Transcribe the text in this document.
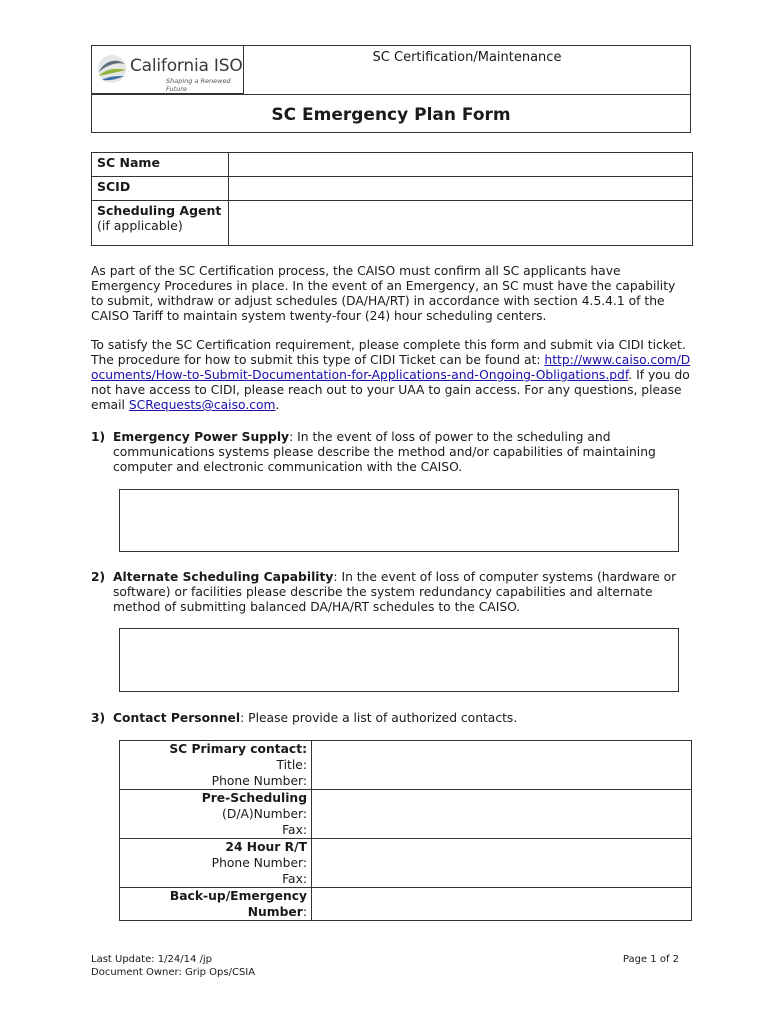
California ISO
Shaping a Renewed Future
SC Certification/Maintenance
SC Emergency Plan Form
SC Name	
SCID	

Scheduling Agent
(if applicable)	

As part of the SC Certification process, the CAISO must confirm all SC applicants have Emergency Procedures in place. In the event of an Emergency, an SC must have the capability to submit, withdraw or adjust schedules (DA/HA/RT) in accordance with section 4.5.4.1 of the CAISO Tariff to maintain system twenty-four (24) hour scheduling centers.
To satisfy the SC Certification requirement, please complete this form and submit via CIDI ticket. The procedure for how to submit this type of CIDI Ticket can be found at: http://www.caiso.com/Documents/How-to-Submit-Documentation-for-Applications-and-Ongoing-Obligations.pdf. If you do not have access to CIDI, please reach out to your UAA to gain access. For any questions, please email SCRequests@caiso.com.
1) Emergency Power Supply: In the event of loss of power to the scheduling and communications systems please describe the method and/or capabilities of maintaining computer and electronic communication with the CAISO.
2) Alternate Scheduling Capability: In the event of loss of computer systems (hardware or software) or facilities please describe the system redundancy capabilities and alternate method of submitting balanced DA/HA/RT schedules to the CAISO.
3) Contact Personnel: Please provide a list of authorized contacts.
SC Primary contact:	
Title:	
Phone Number:	
Pre-Scheduling	
(D/A)Number:	
Fax:	
24 Hour R/T	
Phone Number:	
Fax:	

Back-up/Emergency
Number:	

Last Update: 1/24/14 /jp
Document Owner: Grip Ops/CSIA
Page 1 of 2
